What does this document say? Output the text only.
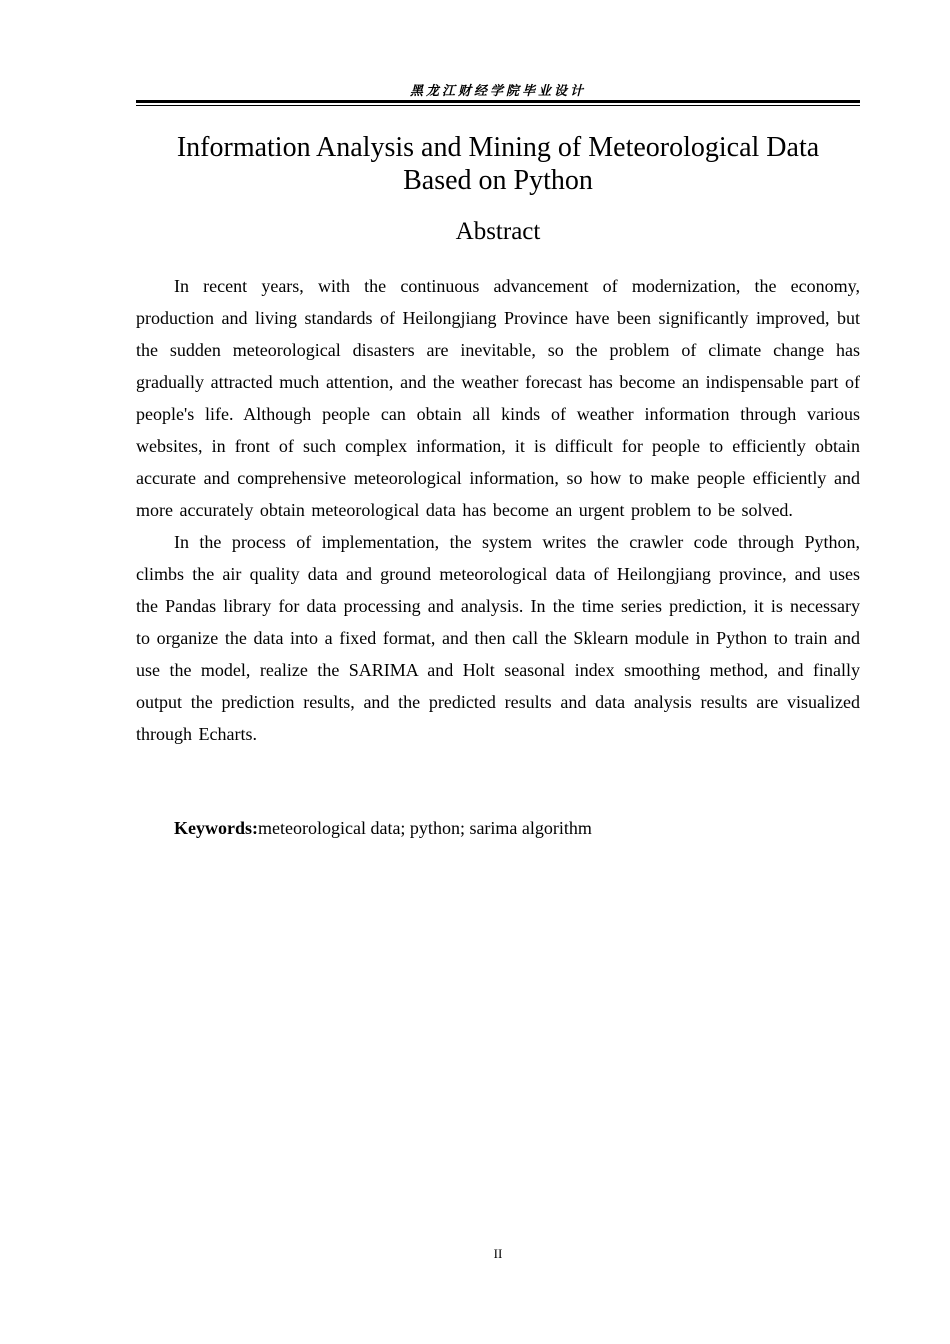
黑龙江财经学院毕业设计
Information Analysis and Mining of Meteorological Data
Based on Python
Abstract

In recent years, with the continuous advancement of modernization, the economy, production and living standards of Heilongjiang Province have been significantly improved, but the sudden meteorological disasters are inevitable, so the problem of climate change has gradually attracted much attention, and the weather forecast has become an indispensable part of people's life. Although people can obtain all kinds of weather information through various websites, in front of such complex information, it is difficult for people to efficiently obtain accurate and comprehensive meteorological information, so how to make people efficiently and more accurately obtain meteorological data has become an urgent problem to be solved.

In the process of implementation, the system writes the crawler code through Python, climbs the air quality data and ground meteorological data of Heilongjiang province, and uses the Pandas library for data processing and analysis. In the time series prediction, it is necessary to organize the data into a fixed format, and then call the Sklearn module in Python to train and use the model, realize the SARIMA and Holt seasonal index smoothing method, and finally output the prediction results, and the predicted results and data analysis results are visualized through Echarts.

Keywords:meteorological data; python; sarima algorithm
II
